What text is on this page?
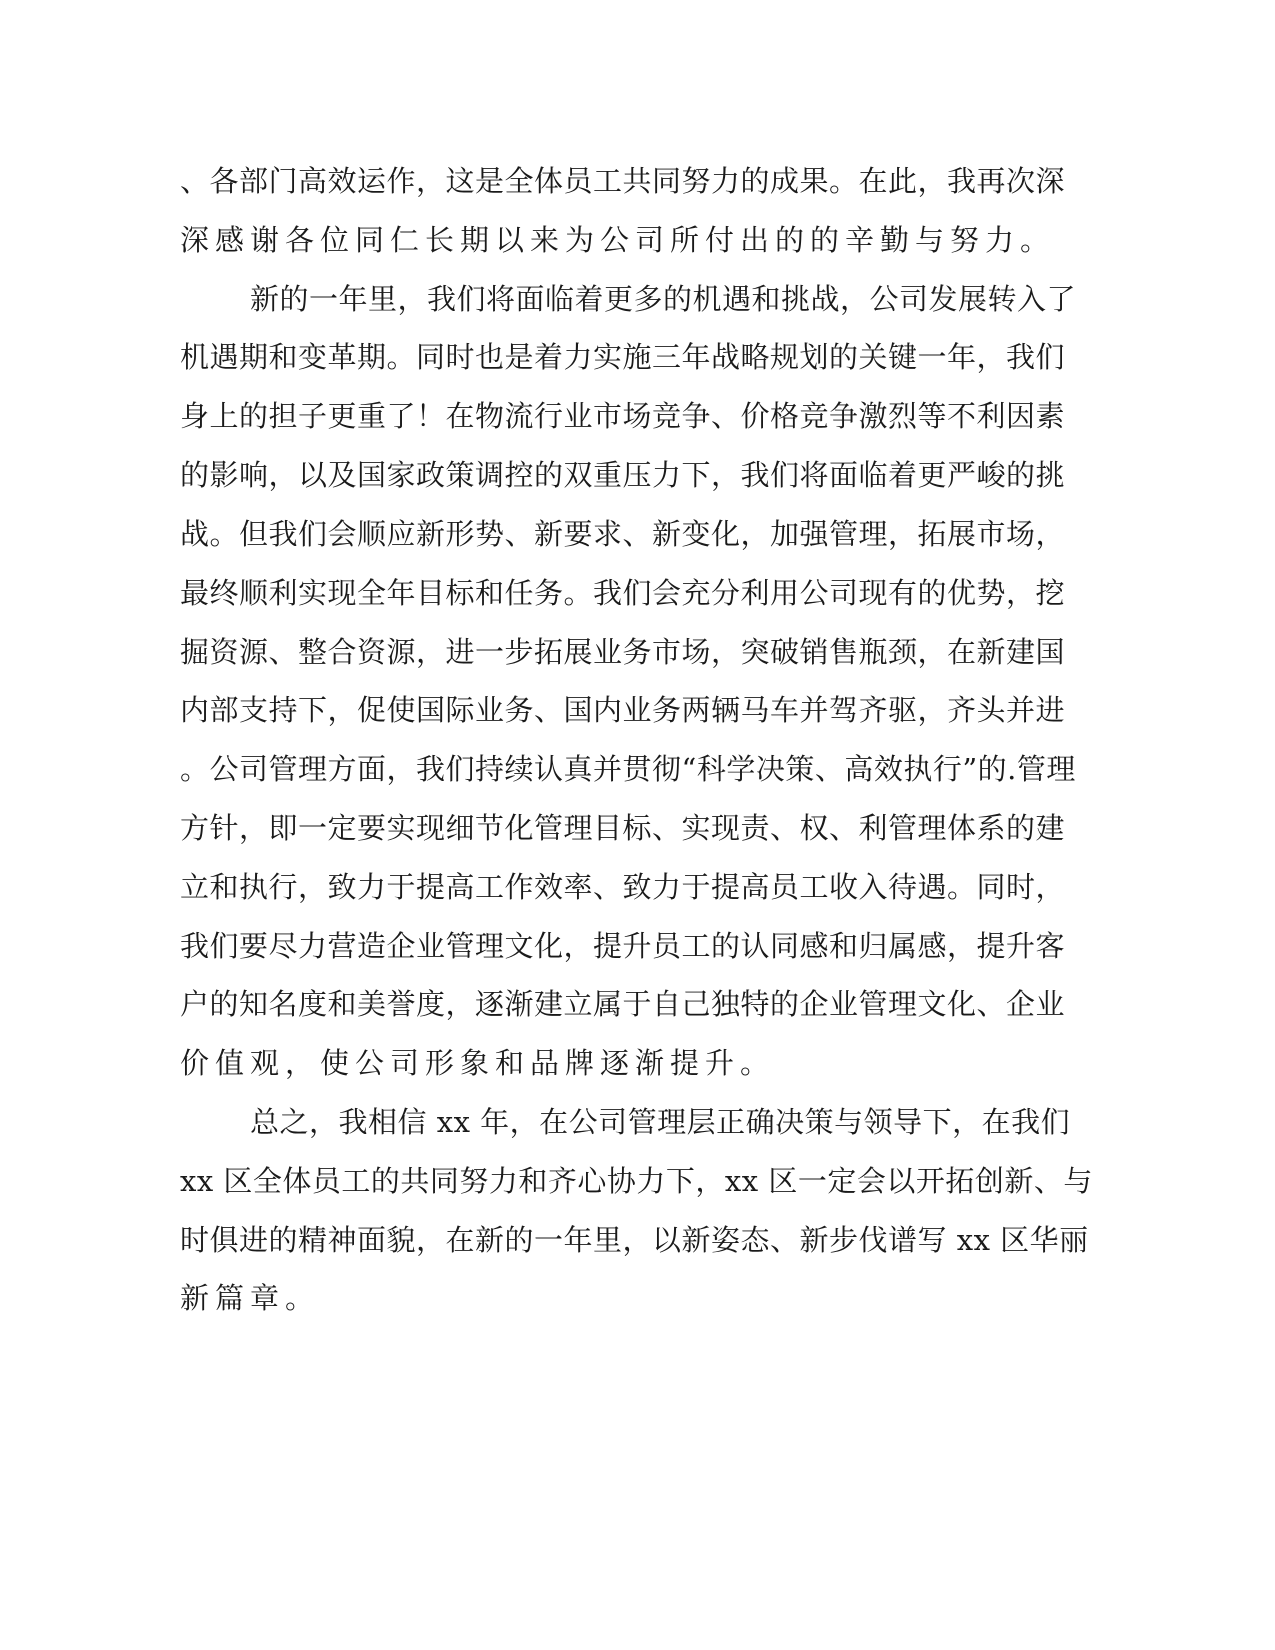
、各部门高效运作，这是全体员工共同努力的成果。在此，我再次深
深感谢各位同仁长期以来为公司所付出的的辛勤与努力。
新的一年里，我们将面临着更多的机遇和挑战，公司发展转入了
机遇期和变革期。同时也是着力实施三年战略规划的关键一年，我们
身上的担子更重了！在物流行业市场竞争、价格竞争激烈等不利因素
的影响，以及国家政策调控的双重压力下，我们将面临着更严峻的挑
战。但我们会顺应新形势、新要求、新变化，加强管理，拓展市场，
最终顺利实现全年目标和任务。我们会充分利用公司现有的优势，挖
掘资源、整合资源，进一步拓展业务市场，突破销售瓶颈，在新建国
内部支持下，促使国际业务、国内业务两辆马车并驾齐驱，齐头并进
。公司管理方面，我们持续认真并贯彻“科学决策、高效执行”的.管理
方针，即一定要实现细节化管理目标、实现责、权、利管理体系的建
立和执行，致力于提高工作效率、致力于提高员工收入待遇。同时，
我们要尽力营造企业管理文化，提升员工的认同感和归属感，提升客
户的知名度和美誉度，逐渐建立属于自己独特的企业管理文化、企业
价值观，使公司形象和品牌逐渐提升。
总之，我相信 xx 年，在公司管理层正确决策与领导下，在我们
xx 区全体员工的共同努力和齐心协力下，xx 区一定会以开拓创新、与
时俱进的精神面貌，在新的一年里，以新姿态、新步伐谱写 xx 区华丽
新篇章。
